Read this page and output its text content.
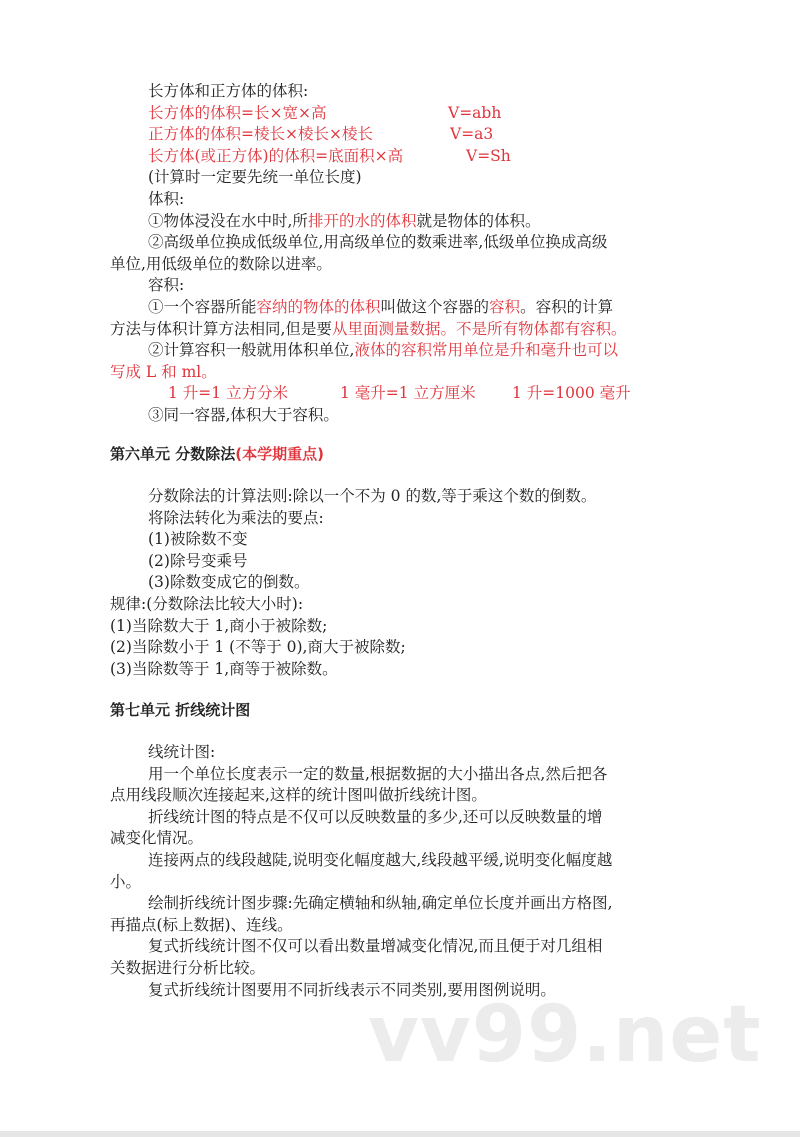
vv99.net
长方体和正方体的体积:
长方体的体积=长×宽×高	V=abh
正方体的体积=棱长×棱长×棱长	V=a3
长方体(或正方体)的体积=底面积×高	V=Sh
(计算时一定要先统一单位长度)
体积:
①物体浸没在水中时,所排开的水的体积就是物体的体积。
②高级单位换成低级单位,用高级单位的数乘进率,低级单位换成高级
单位,用低级单位的数除以进率。
容积:
①一个容器所能容纳的物体的体积叫做这个容器的容积。容积的计算
方法与体积计算方法相同,但是要从里面测量数据。不是所有物体都有容积。
②计算容积一般就用体积单位,液体的容积常用单位是升和毫升也可以
写成 L 和 ml。
1 升=1 立方分米	1 毫升=1 立方厘米 1 升=1000 毫升
③同一容器,体积大于容积。
第六单元 分数除法(本学期重点)
分数除法的计算法则:除以一个不为 0 的数,等于乘这个数的倒数。
将除法转化为乘法的要点:
(1)被除数不变
(2)除号变乘号
(3)除数变成它的倒数。
规律:(分数除法比较大小时):
(1)当除数大于 1,商小于被除数;
(2)当除数小于 1 (不等于 0),商大于被除数;
(3)当除数等于 1,商等于被除数。
第七单元 折线统计图
线统计图:
用一个单位长度表示一定的数量,根据数据的大小描出各点,然后把各
点用线段顺次连接起来,这样的统计图叫做折线统计图。
折线统计图的特点是不仅可以反映数量的多少,还可以反映数量的增
减变化情况。
连接两点的线段越陡,说明变化幅度越大,线段越平缓,说明变化幅度越
小。
绘制折线统计图步骤:先确定横轴和纵轴,确定单位长度并画出方格图,
再描点(标上数据)、连线。
复式折线统计图不仅可以看出数量增减变化情况,而且便于对几组相
关数据进行分析比较。
复式折线统计图要用不同折线表示不同类别,要用图例说明。
